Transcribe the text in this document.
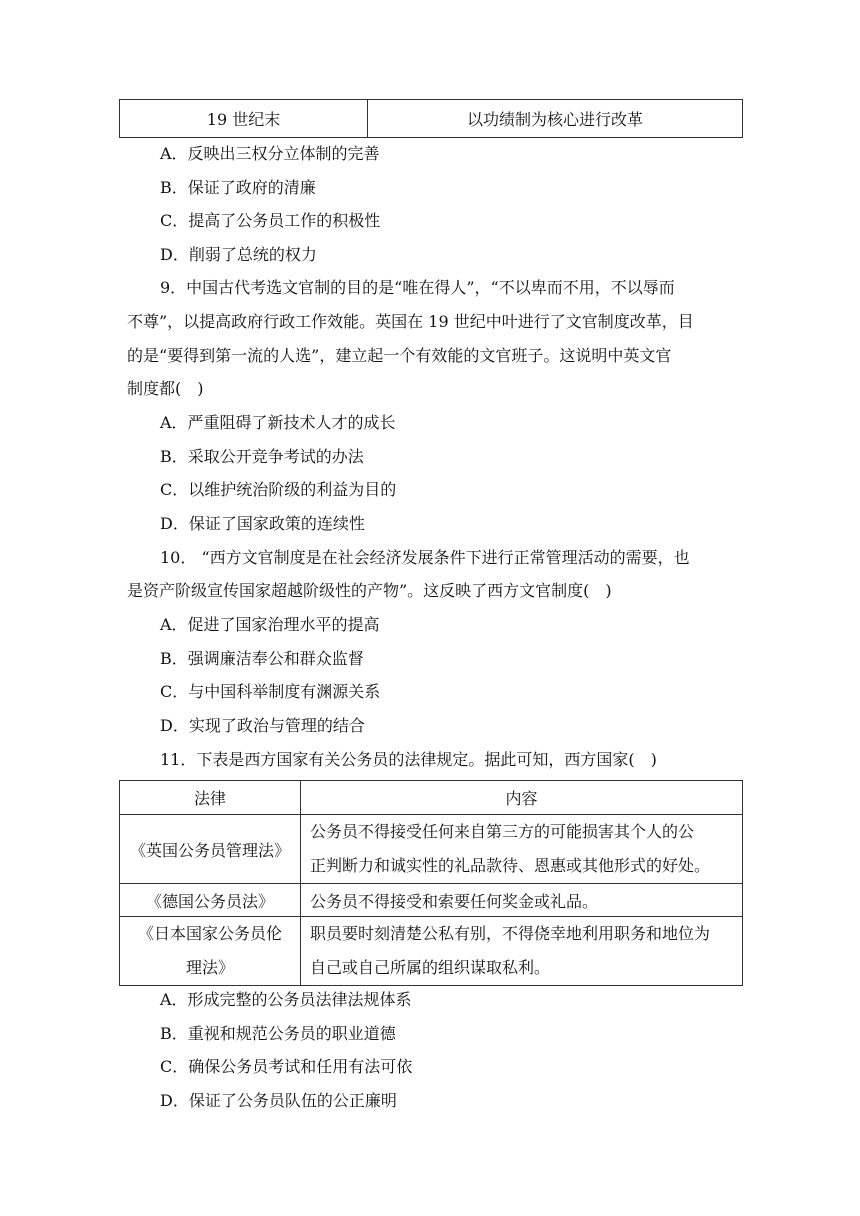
19 世纪末	以功绩制为核心进行改革
A．反映出三权分立体制的完善
B．保证了政府的清廉
C．提高了公务员工作的积极性
D．削弱了总统的权力
9．中国古代考选文官制的目的是“唯在得人”，“不以卑而不用，不以辱而
不尊”，以提高政府行政工作效能。英国在 19 世纪中叶进行了文官制度改革，目
的是“要得到第一流的人选”，建立起一个有效能的文官班子。这说明中英文官
制度都(　)
A．严重阻碍了新技术人才的成长
B．采取公开竞争考试的办法
C．以维护统治阶级的利益为目的
D．保证了国家政策的连续性
10． “西方文官制度是在社会经济发展条件下进行正常管理活动的需要，也
是资产阶级宣传国家超越阶级性的产物”。这反映了西方文官制度(　)
A．促进了国家治理水平的提高
B．强调廉洁奉公和群众监督
C．与中国科举制度有渊源关系
D．实现了政治与管理的结合
11．下表是西方国家有关公务员的法律规定。据此可知，西方国家(　)
法律	内容

《英国公务员管理法》	公务员不得接受任何来自第三方的可能损害其个人的公
正判断力和诚实性的礼品款待、恩惠或其他形式的好处。

《德国公务员法》	公务员不得接受和索要任何奖金或礼品。

《日本国家公务员伦
理法》	职员要时刻清楚公私有别，不得侥幸地利用职务和地位为
自己或自己所属的组织谋取私利。
A．形成完整的公务员法律法规体系
B．重视和规范公务员的职业道德
C．确保公务员考试和任用有法可依
D．保证了公务员队伍的公正廉明
